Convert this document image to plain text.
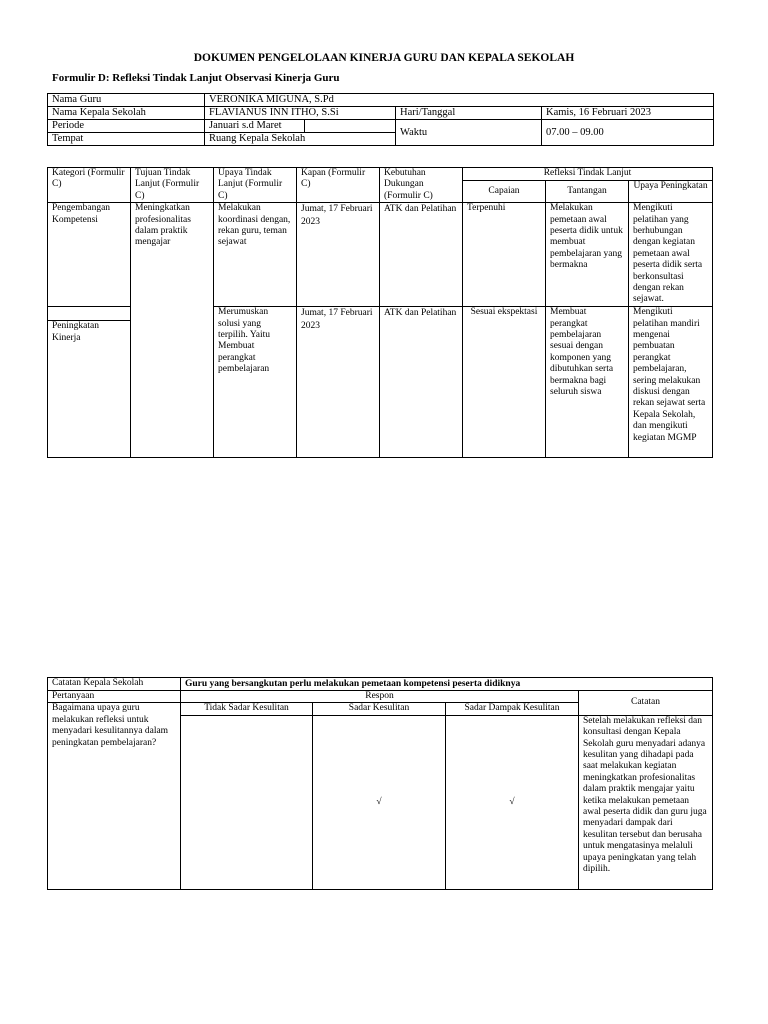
DOKUMEN PENGELOLAAN KINERJA GURU DAN KEPALA SEKOLAH
Formulir D: Refleksi Tindak Lanjut Observasi Kinerja Guru
Nama Guru	VERONIKA MIGUNA, S.Pd			
Nama Kepala Sekolah	FLAVIANUS INN ITHO, S.Si		Hari/Tanggal	Kamis, 16 Februari 2023
Periode	Januari s.d Maret		Waktu	07.00 – 09.00
Tempat	Ruang Kepala Sekolah			
Kategori (Formulir C)	Tujuan Tindak Lanjut (Formulir C)	Upaya Tindak Lanjut (Formulir C)	Kapan (Formulir C)	Kebutuhan Dukungan (Formulir C)	Refleksi Tindak Lanjut		
					Capaian	Tantangan	Upaya Peningkatan
Pengembangan Kompetensi	Meningkatkan profesionalitas dalam praktik mengajar	Melakukan koordinasi dengan, rekan guru, teman sejawat	Jumat, 17 Februari 2023	ATK dan Pelatihan	Terpenuhi	Melakukan pemetaan awal peserta didik untuk membuat pembelajaran yang bermakna	Mengikuti pelatihan yang berhubungan dengan kegiatan pemetaan awal peserta didik serta berkonsultasi dengan rekan sejawat.

Peningkatan Kinerja		Merumuskan solusi yang terpilih. Yaitu Membuat perangkat pembelajaran	Jumat, 17 Februari 2023	ATK dan Pelatihan	Sesuai ekspektasi	Membuat perangkat pembelajaran sesuai dengan komponen yang dibutuhkan serta bermakna bagi seluruh siswa	Mengikuti pelatihan mandiri mengenai pembuatan perangkat pembelajaran, sering melakukan diskusi dengan rekan sejawat serta Kepala Sekolah, dan mengikuti kegiatan MGMP
Catatan Kepala Sekolah	Guru yang bersangkutan perlu melakukan pemetaan kompetensi peserta didiknya			
Pertanyaan	Respon			Catatan
Bagaimana upaya guru melakukan refleksi untuk menyadari kesulitannya dalam peningkatan pembelajaran?	Tidak Sadar Kesulitan	Sadar Kesulitan	Sadar Dampak Kesulitan	
		√	√	Setelah melakukan refleksi dan konsultasi dengan Kepala Sekolah guru menyadari adanya kesulitan yang dihadapi pada saat melakukan kegiatan meningkatkan profesionalitas dalam praktik mengajar yaitu ketika melakukan pemetaan awal peserta didik dan guru juga menyadari dampak dari kesulitan tersebut dan berusaha untuk mengatasinya melaluli upaya peningkatan yang telah dipilih.
